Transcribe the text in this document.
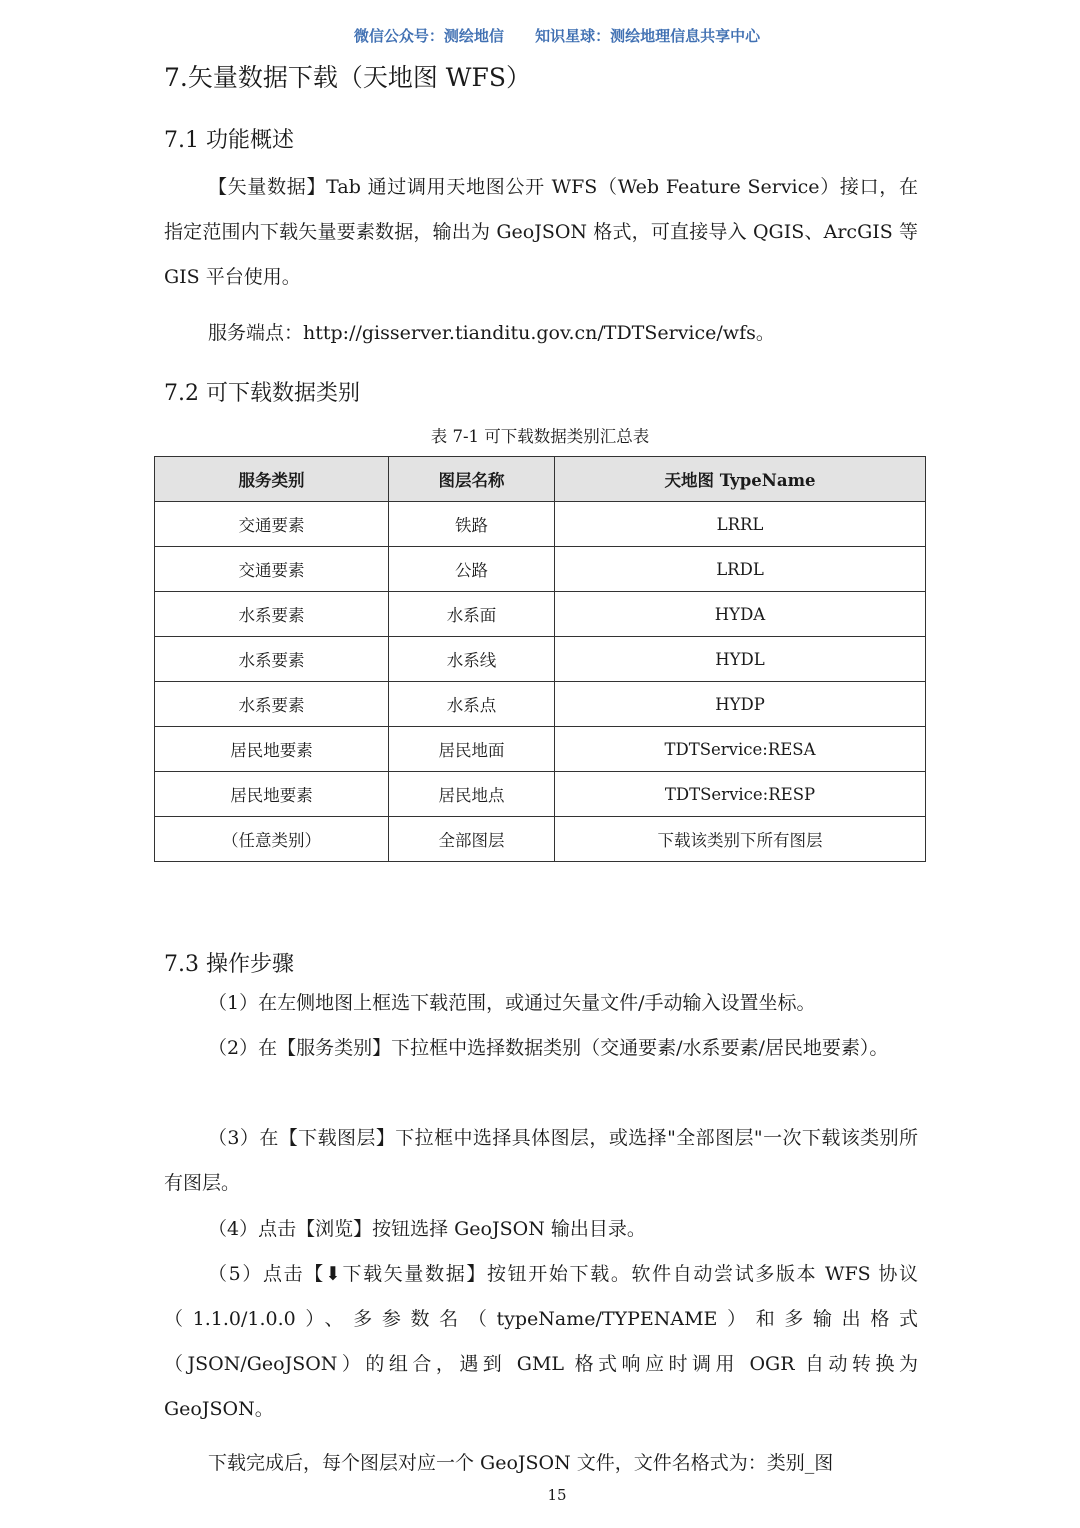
微信公众号：测绘地信 知识星球：测绘地理信息共享中心
7.矢量数据下载（天地图 WFS）
7.1 功能概述
【矢量数据】Tab 通过调用天地图公开 WFS（Web Feature Service）接口，在指定范围内下载矢量要素数据，输出为 GeoJSON 格式，可直接导入 QGIS、ArcGIS 等 GIS 平台使用。
服务端点：http://gisserver.tianditu.gov.cn/TDTService/wfs。
7.2 可下载数据类别
表 7-1 可下载数据类别汇总表
服务类别	图层名称	天地图 TypeName
交通要素	铁路	LRRL
交通要素	公路	LRDL
水系要素	水系面	HYDA
水系要素	水系线	HYDL
水系要素	水系点	HYDP
居民地要素	居民地面	TDTService:RESA
居民地要素	居民地点	TDTService:RESP
（任意类别）	全部图层	下载该类别下所有图层
7.3 操作步骤
（1）在左侧地图上框选下载范围，或通过矢量文件/手动输入设置坐标。
（2）在【服务类别】下拉框中选择数据类别（交通要素/水系要素/居民地要素）。
（3）在【下载图层】下拉框中选择具体图层，或选择"全部图层"一次下载该类别所有图层。
（4）点击【浏览】按钮选择 GeoJSON 输出目录。
（5）点击【⬇下载矢量数据】按钮开始下载。软件自动尝试多版本 WFS 协议（1.1.0/1.0.0）、多参数名（typeName/TYPENAME）和多输出格式（JSON/GeoJSON）的组合，遇到 GML 格式响应时调用 OGR 自动转换为 GeoJSON。
下载完成后，每个图层对应一个 GeoJSON 文件，文件名格式为：类别_图
15
